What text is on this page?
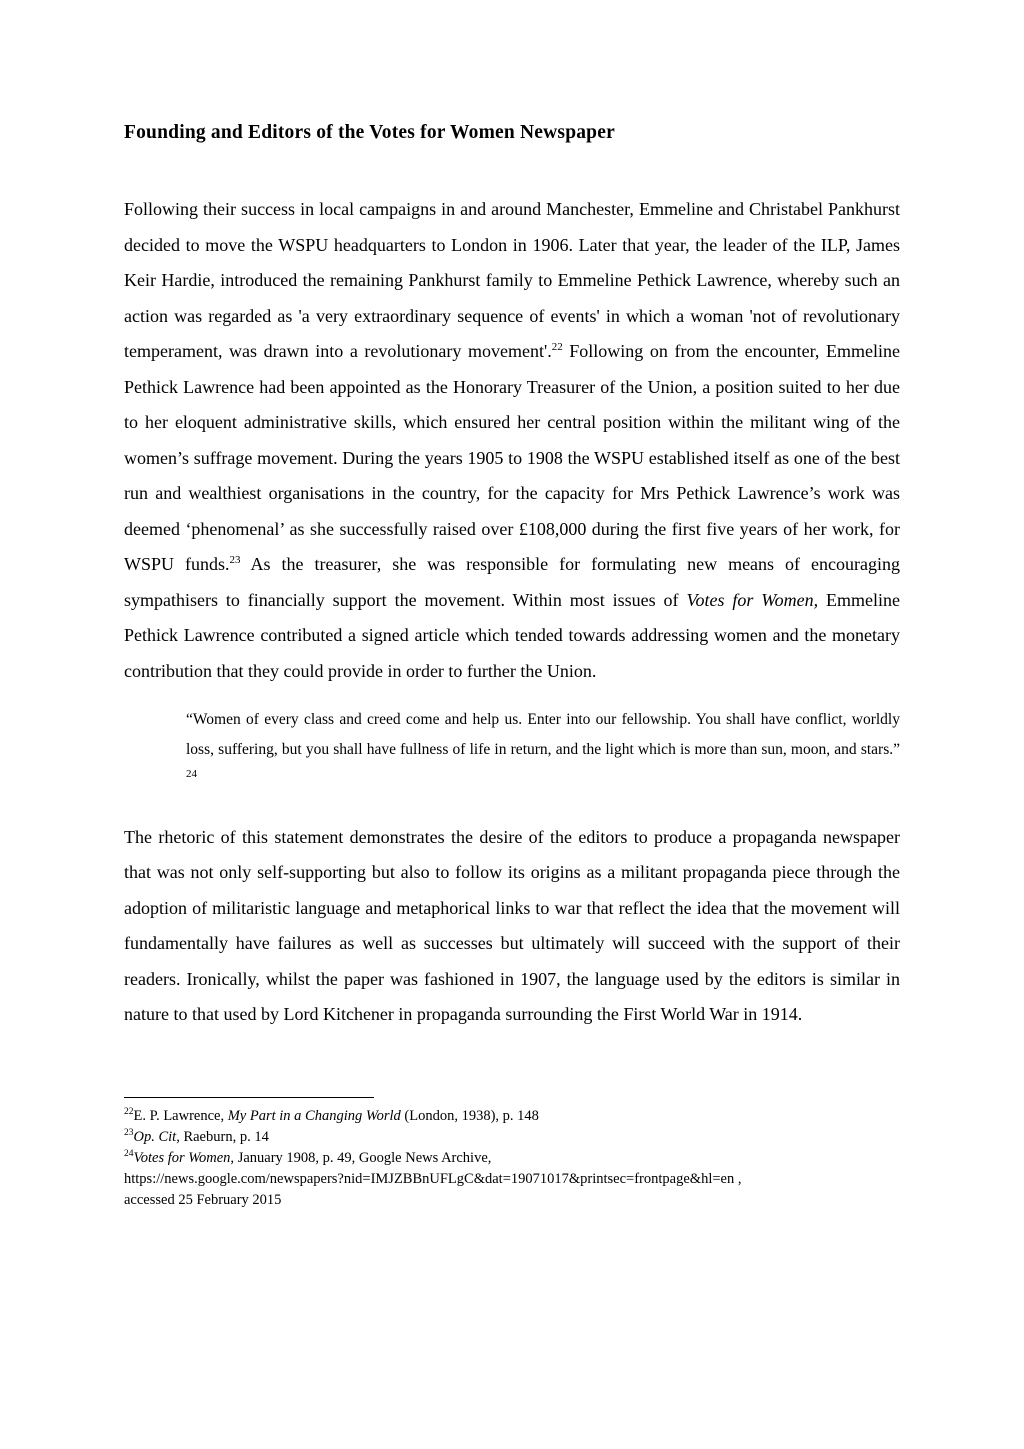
Founding and Editors of the Votes for Women Newspaper

Following their success in local campaigns in and around Manchester, Emmeline and Christabel Pankhurst decided to move the WSPU headquarters to London in 1906. Later that year, the leader of the ILP, James Keir Hardie, introduced the remaining Pankhurst family to Emmeline Pethick Lawrence, whereby such an action was regarded as 'a very extraordinary sequence of events' in which a woman 'not of revolutionary temperament, was drawn into a revolutionary movement'.$^{22}$ Following on from the encounter, Emmeline Pethick Lawrence had been appointed as the Honorary Treasurer of the Union, a position suited to her due to her eloquent administrative skills, which ensured her central position within the militant wing of the women’s suffrage movement. During the years 1905 to 1908 the WSPU established itself as one of the best run and wealthiest organisations in the country, for the capacity for Mrs Pethick Lawrence’s work was deemed ‘phenomenal’ as she successfully raised over £108,000 during the first five years of her work, for WSPU funds.$^{23}$ As the treasurer, she was responsible for formulating new means of encouraging sympathisers to financially support the movement. Within most issues of Votes for Women, Emmeline Pethick Lawrence contributed a signed article which tended towards addressing women and the monetary contribution that they could provide in order to further the Union.

“Women of every class and creed come and help us. Enter into our fellowship. You shall have conflict, worldly loss, suffering, but you shall have fullness of life in return, and the light which is more than sun, moon, and stars.” $^{24}$

The rhetoric of this statement demonstrates the desire of the editors to produce a propaganda newspaper that was not only self-supporting but also to follow its origins as a militant propaganda piece through the adoption of militaristic language and metaphorical links to war that reflect the idea that the movement will fundamentally have failures as well as successes but ultimately will succeed with the support of their readers. Ironically, whilst the paper was fashioned in 1907, the language used by the editors is similar in nature to that used by Lord Kitchener in propaganda surrounding the First World War in 1914.

$^{22}$E. P. Lawrence, My Part in a Changing World (London, 1938), p. 148
$^{23}$Op. Cit, Raeburn, p. 14
$^{24}$Votes for Women, January 1908, p. 49, Google News Archive,
https://news.google.com/newspapers?nid=IMJZBBnUFLgC&dat=19071017&printsec=frontpage&hl=en ,
accessed 25 February 2015
